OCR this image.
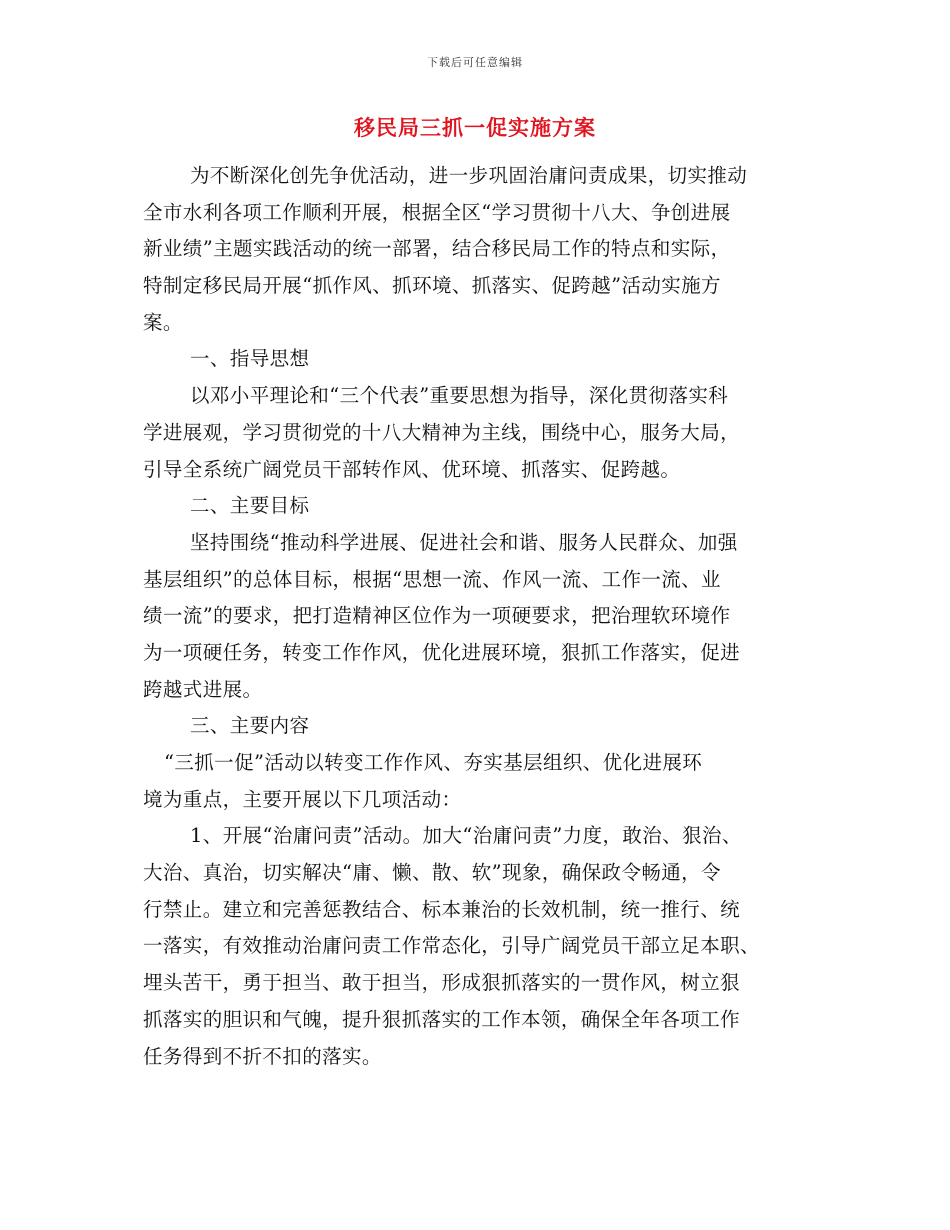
下载后可任意编辑
移民局三抓一促实施方案
为不断深化创先争优活动，进一步巩固治庸问责成果，切实推动
全市水利各项工作顺利开展，根据全区“学习贯彻十八大、争创进展
新业绩”主题实践活动的统一部署，结合移民局工作的特点和实际，
特制定移民局开展“抓作风、抓环境、抓落实、促跨越”活动实施方
案。
一、指导思想
以邓小平理论和“三个代表”重要思想为指导，深化贯彻落实科
学进展观，学习贯彻党的十八大精神为主线，围绕中心，服务大局，
引导全系统广阔党员干部转作风、优环境、抓落实、促跨越。
二、主要目标
坚持围绕“推动科学进展、促进社会和谐、服务人民群众、加强
基层组织”的总体目标，根据“思想一流、作风一流、工作一流、业
绩一流”的要求，把打造精神区位作为一项硬要求，把治理软环境作
为一项硬任务，转变工作作风，优化进展环境，狠抓工作落实，促进
跨越式进展。
三、主要内容
“三抓一促”活动以转变工作作风、夯实基层组织、优化进展环
境为重点，主要开展以下几项活动：
1、开展“治庸问责”活动。加大“治庸问责”力度，敢治、狠治、
大治、真治，切实解决“庸、懒、散、软”现象，确保政令畅通，令
行禁止。建立和完善惩教结合、标本兼治的长效机制，统一推行、统
一落实，有效推动治庸问责工作常态化，引导广阔党员干部立足本职、
埋头苦干，勇于担当、敢于担当，形成狠抓落实的一贯作风，树立狠
抓落实的胆识和气魄，提升狠抓落实的工作本领，确保全年各项工作
任务得到不折不扣的落实。
